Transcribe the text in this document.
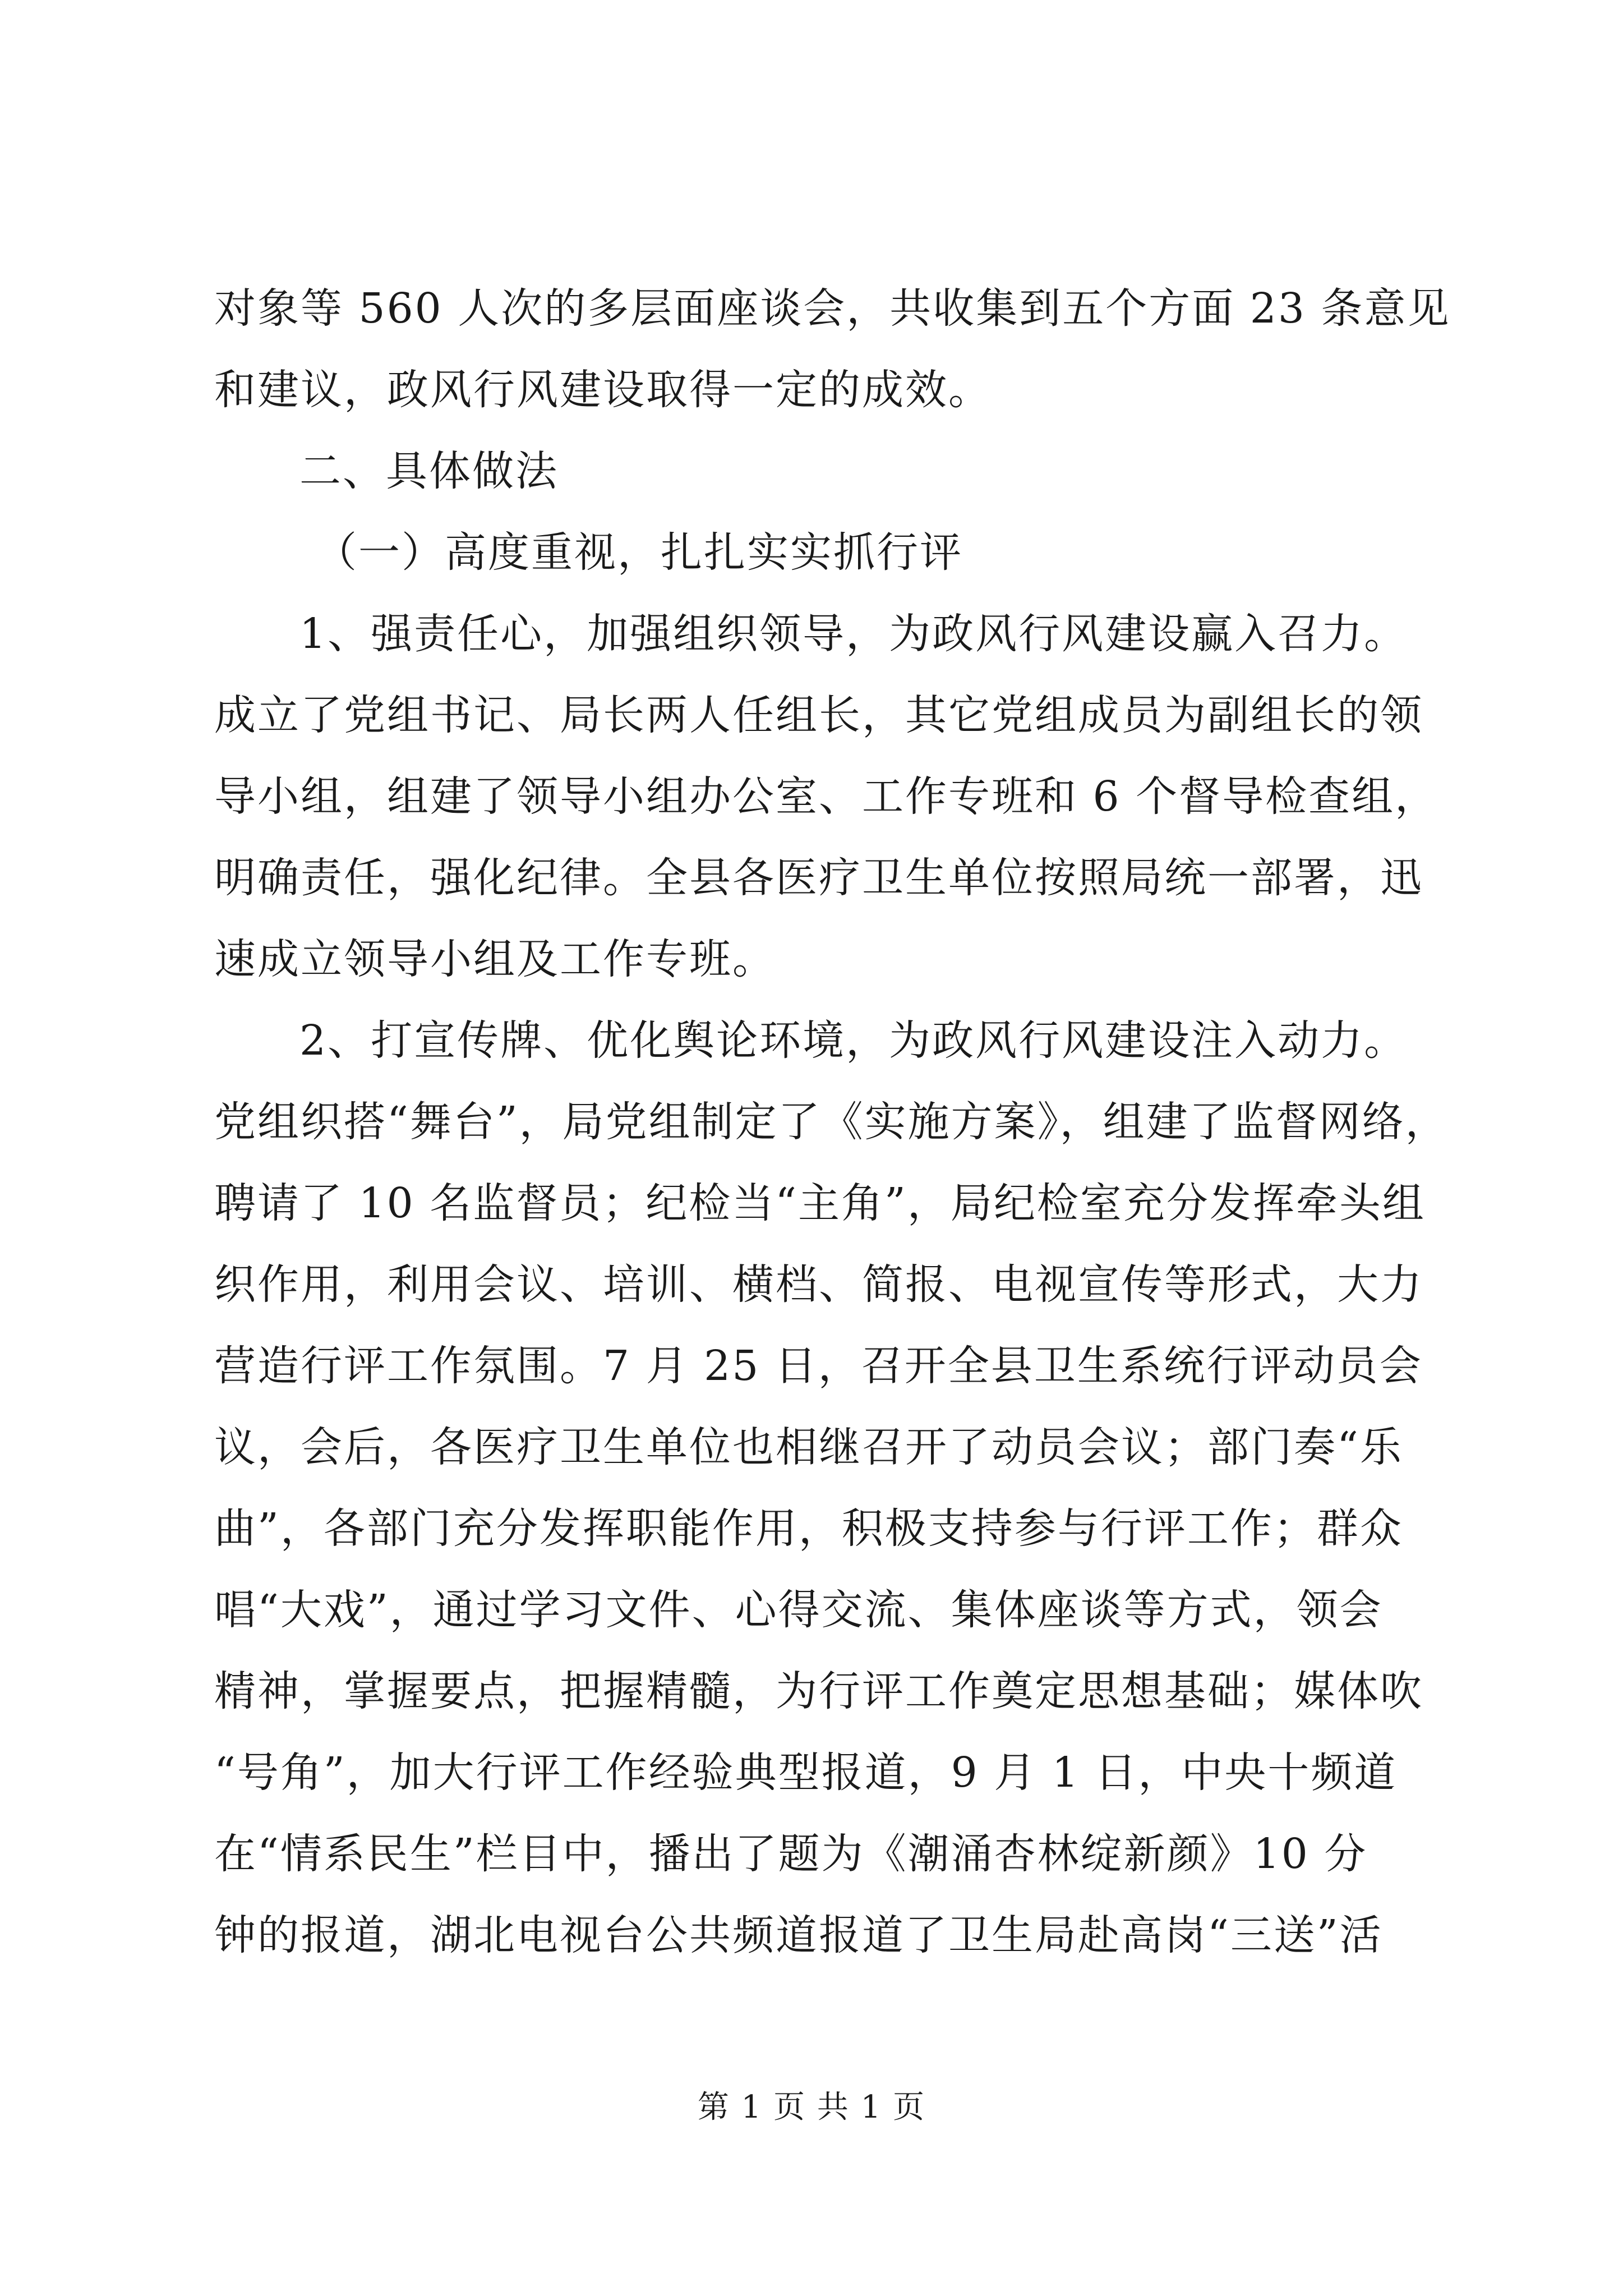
对象等 560 人次的多层面座谈会，共收集到五个方面 23 条意见
和建议，政风行风建设取得一定的成效。
二、具体做法
（一）高度重视，扎扎实实抓行评
1、强责任心，加强组织领导，为政风行风建设赢入召力。
成立了党组书记、局长两人任组长，其它党组成员为副组长的领
导小组，组建了领导小组办公室、工作专班和 6 个督导检查组，
明确责任，强化纪律。全县各医疗卫生单位按照局统一部署，迅
速成立领导小组及工作专班。
2、打宣传牌、优化舆论环境，为政风行风建设注入动力。
党组织搭“舞台”，局党组制定了《实施方案》，组建了监督网络，
聘请了 10 名监督员；纪检当“主角”，局纪检室充分发挥牵头组
织作用，利用会议、培训、横档、简报、电视宣传等形式，大力
营造行评工作氛围。7 月 25 日，召开全县卫生系统行评动员会
议，会后，各医疗卫生单位也相继召开了动员会议；部门奏“乐
曲”，各部门充分发挥职能作用，积极支持参与行评工作；群众
唱“大戏”，通过学习文件、心得交流、集体座谈等方式，领会
精神，掌握要点，把握精髓，为行评工作奠定思想基础；媒体吹
“号角”，加大行评工作经验典型报道，9 月 1 日，中央十频道
在“情系民生”栏目中，播出了题为《潮涌杏林绽新颜》10 分
钟的报道，湖北电视台公共频道报道了卫生局赴高岗“三送”活
第 1 页 共 1 页
